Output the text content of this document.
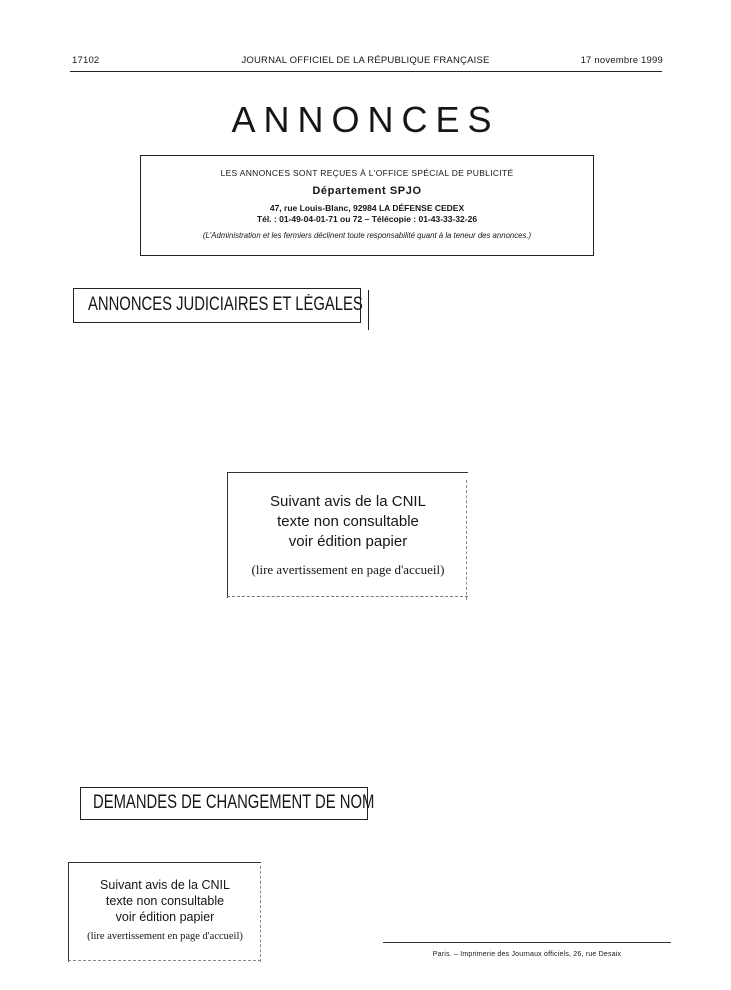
17102	JOURNAL OFFICIEL DE LA RÉPUBLIQUE FRANÇAISE	17 novembre 1999
ANNONCES
LES ANNONCES SONT REÇUES À L'OFFICE SPÉCIAL DE PUBLICITÉ
Département SPJO
47, rue Louis-Blanc, 92984 LA DÉFENSE CEDEX
Tél. : 01-49-04-01-71 ou 72 – Télécopie : 01-43-33-32-26
(L'Administration et les fermiers déclinent toute responsabilité quant à la teneur des annonces.)
ANNONCES JUDICIAIRES ET LÉGALES
Suivant avis de la CNIL
texte non consultable
voir édition papier
(lire avertissement en page d'accueil)
DEMANDES DE CHANGEMENT DE NOM
Suivant avis de la CNIL
texte non consultable
voir édition papier
(lire avertissement en page d'accueil)
Paris. – Imprimerie des Journaux officiels, 26, rue Desaix
